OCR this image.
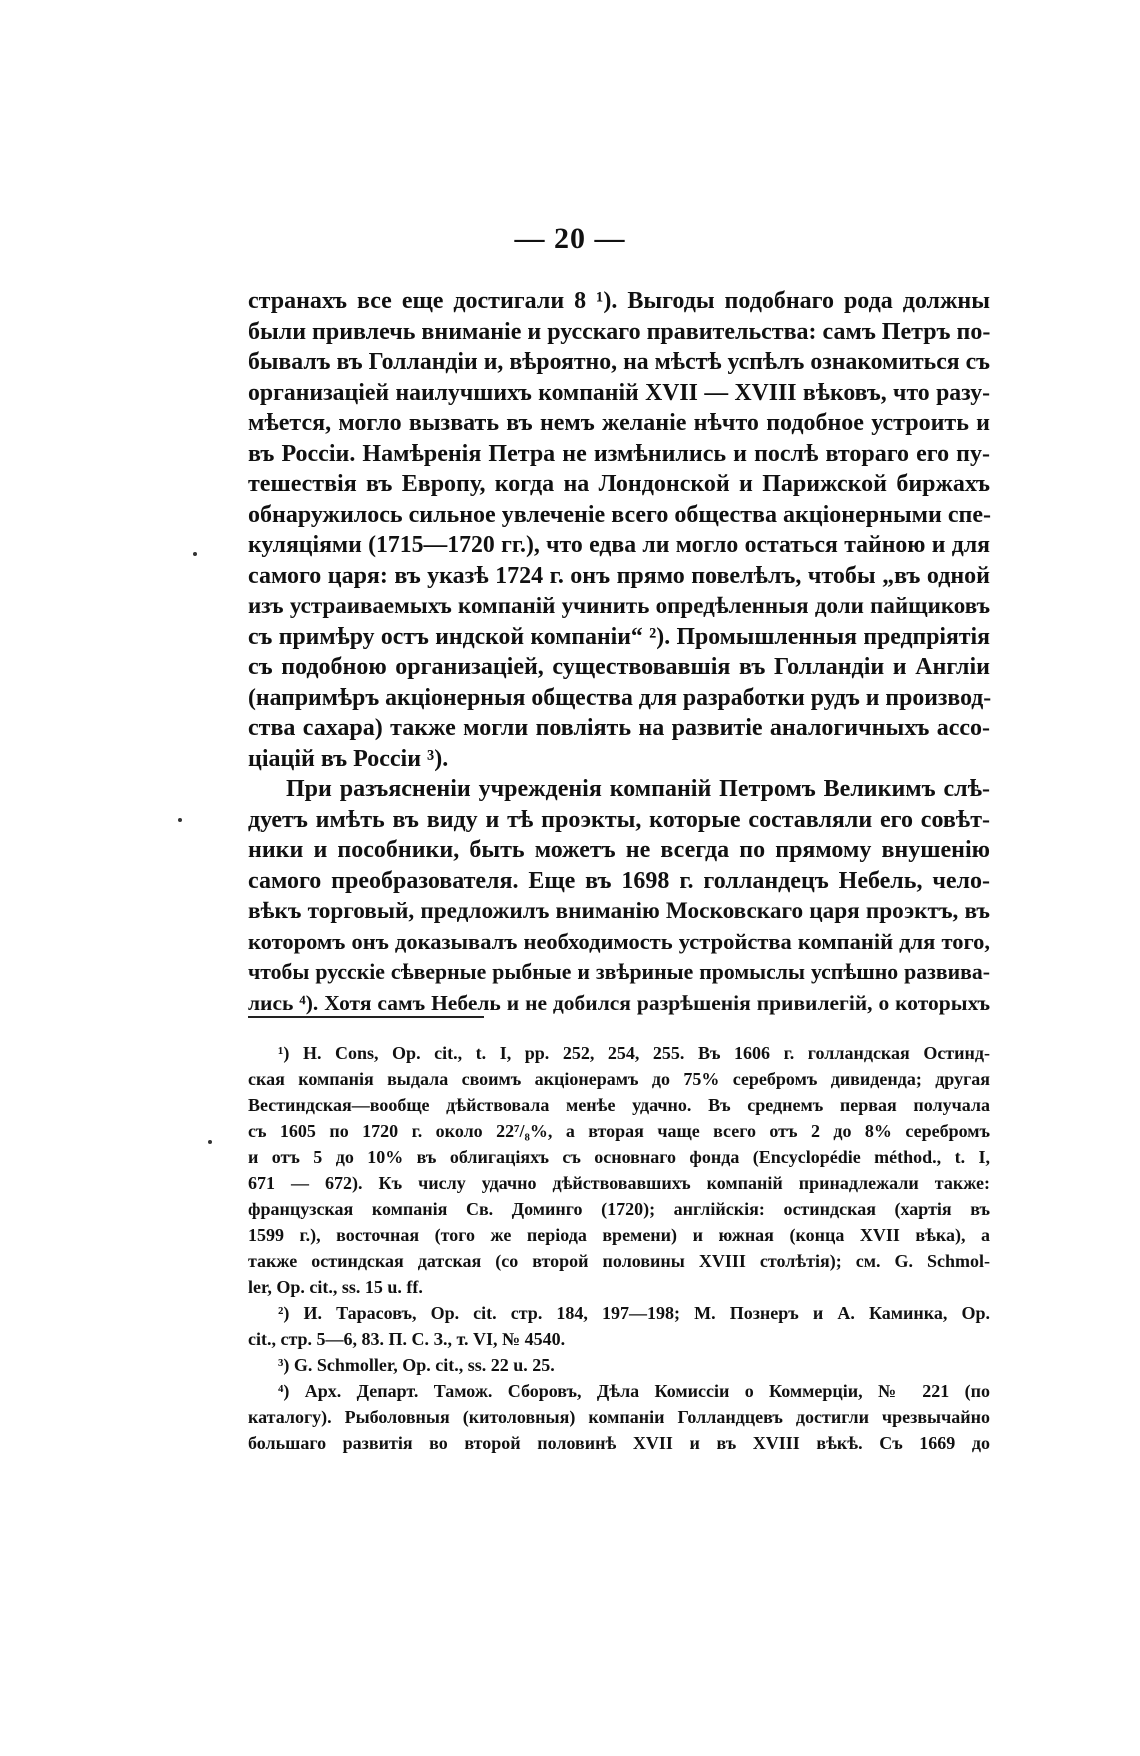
— 20 —
странахъ все еще достигали 8 ¹). Выгоды подобнаго рода должны
были привлечь вниманіе и русскаго правительства: самъ Петръ по-
бывалъ въ Голландіи и, вѣроятно, на мѣстѣ успѣлъ ознакомиться съ
организаціей наилучшихъ компаній XVII — XVIII вѣковъ, что разу-
мѣется, могло вызвать въ немъ желаніе нѣчто подобное устроить и
въ Россіи. Намѣренія Петра не измѣнились и послѣ втораго его пу-
тешествія въ Европу, когда на Лондонской и Парижской биржахъ
обнаружилось сильное увлеченіе всего общества акціонерными спе-
куляціями (1715—1720 гг.), что едва ли могло остаться тайною и для
самого царя: въ указѣ 1724 г. онъ прямо повелѣлъ, чтобы „въ одной
изъ устраиваемыхъ компаній учинить опредѣленныя доли пайщиковъ
съ примѣру остъ индской компаніи“ ²). Промышленныя предпріятія
съ подобною организаціей, существовавшія въ Голландіи и Англіи
(напримѣръ акціонерныя общества для разработки рудъ и производ-
ства сахара) также могли повліять на развитіе аналогичныхъ ассо-
ціацій въ Россіи ³).
При разъясненіи учрежденія компаній Петромъ Великимъ слѣ-
дуетъ имѣть въ виду и тѣ проэкты, которые составляли его совѣт-
ники и пособники, быть можетъ не всегда по прямому внушенію
самого преобразователя. Еще въ 1698 г. голландецъ Небель, чело-
вѣкъ торговый, предложилъ вниманію Московскаго царя проэктъ, въ
которомъ онъ доказывалъ необходимость устройства компаній для того,
чтобы русскіе сѣверные рыбные и звѣриные промыслы успѣшно развива-
лись ⁴). Хотя самъ Небель и не добился разрѣшенія привилегій, о которыхъ
¹) H. Cons, Op. cit., t. I, pp. 252, 254, 255. Въ 1606 г. голландская Остинд-
ская компанія выдала своимъ акціонерамъ до 75% серебромъ дивиденда; другая
Вестиндская—вообще дѣйствовала менѣе удачно. Въ среднемъ первая получала
съ 1605 по 1720 г. около 22⁷/₈%, а вторая чаще всего отъ 2 до 8% серебромъ
и отъ 5 до 10% въ облигаціяхъ съ основнаго фонда (Encyclopédie méthod., t. I,
671 — 672). Къ числу удачно дѣйствовавшихъ компаній принадлежали также:
французская компанія Св. Доминго (1720); англійскія: остиндская (хартія въ
1599 г.), восточная (того же періода времени) и южная (конца XVII вѣка), а
также остиндская датская (со второй половины XVIII столѣтія); см. G. Schmol-
ler, Op. cit., ss. 15 u. ff.
²) И. Тарасовъ, Op. cit. стр. 184, 197—198; М. Познеръ и А. Каминка, Op.
cit., стр. 5—6, 83. П. С. З., т. VI, № 4540.
³) G. Schmoller, Op. cit., ss. 22 u. 25.
⁴) Арх. Департ. Тамож. Сборовъ, Дѣла Комиссіи о Коммерціи, № 221 (по
каталогу). Рыболовныя (китоловныя) компаніи Голландцевъ достигли чрезвычайно
большаго развитія во второй половинѣ XVII и въ XVIII вѣкѣ. Съ 1669 до
